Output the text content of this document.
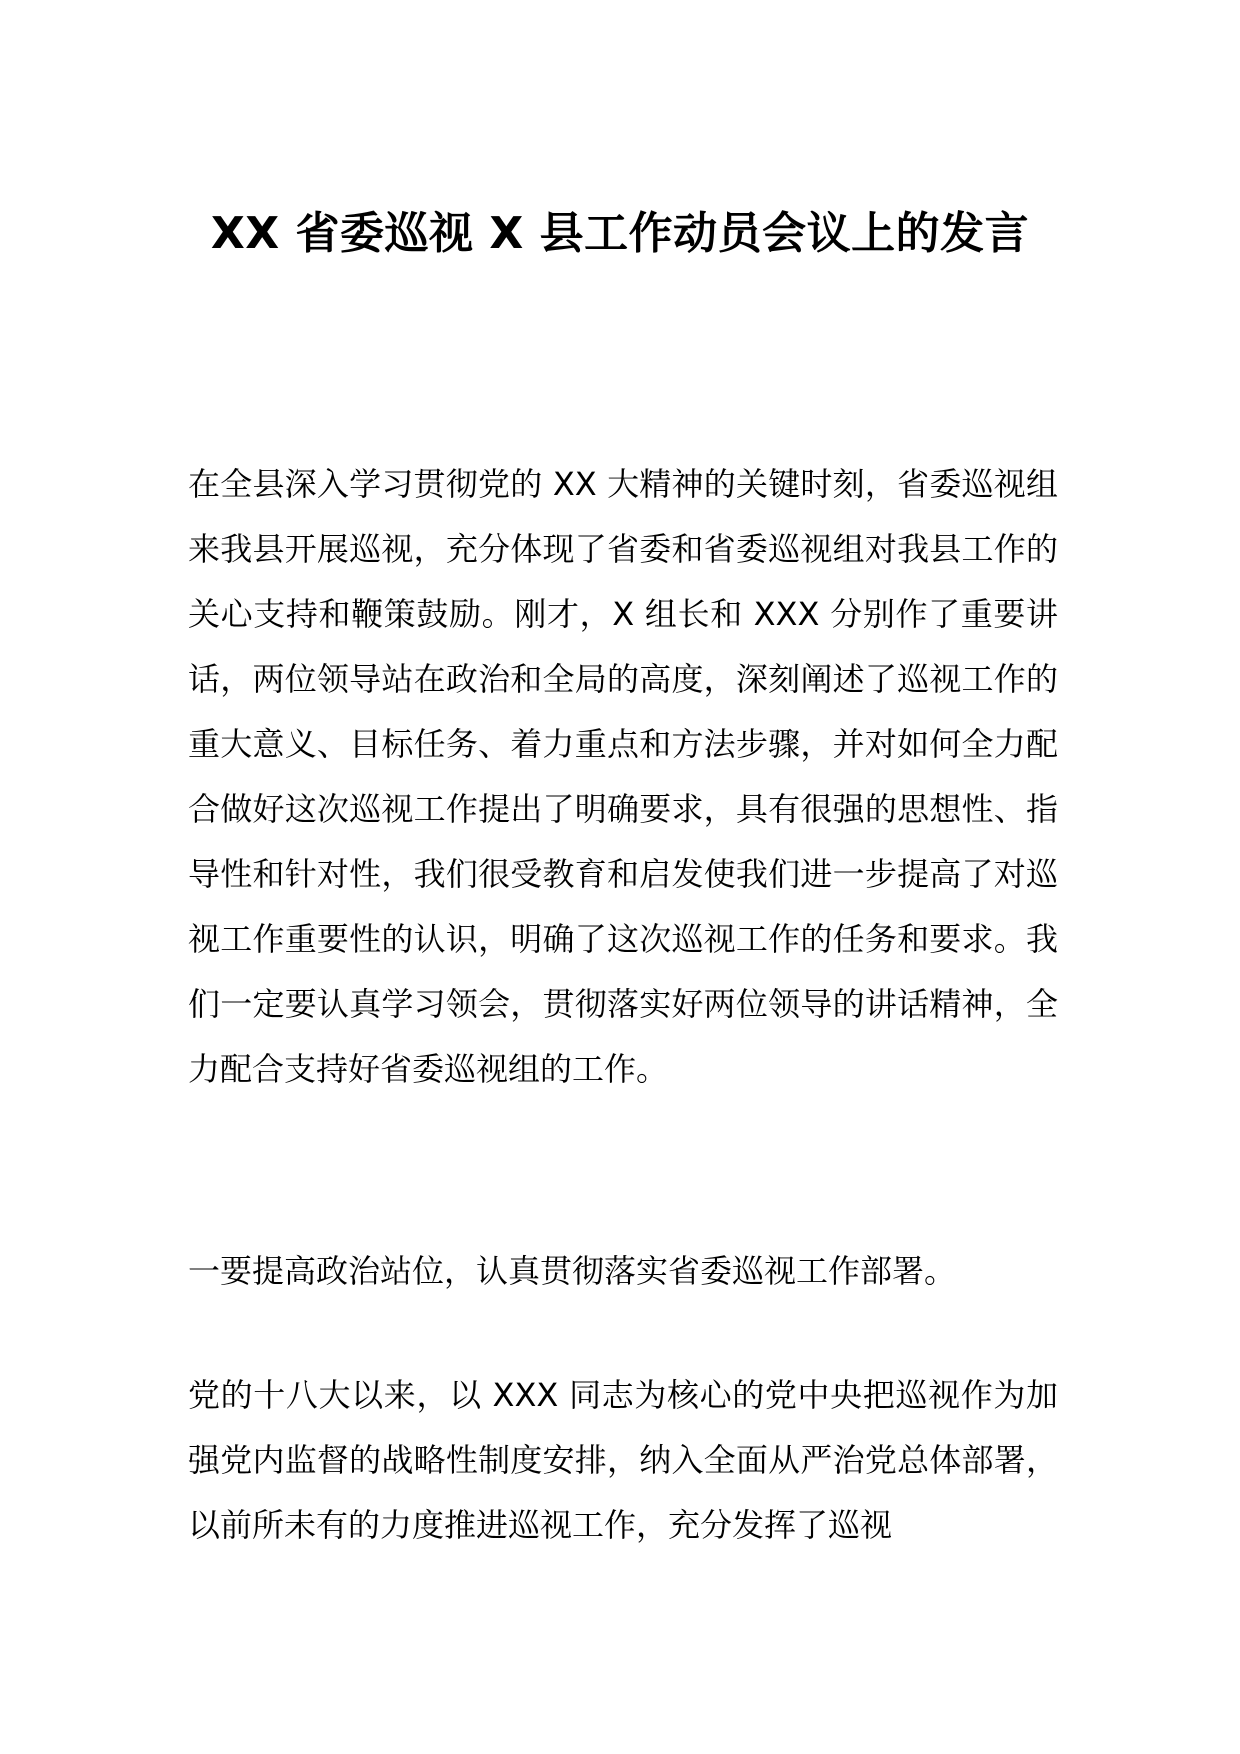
XX 省委巡视 X 县工作动员会议上的发言

在全县深入学习贯彻党的 XX 大精神的关键时刻，省委巡视组来我县开展巡视，充分体现了省委和省委巡视组对我县工作的关心支持和鞭策鼓励。刚才，X 组长和 XXX 分别作了重要讲话，两位领导站在政治和全局的高度，深刻阐述了巡视工作的重大意义、目标任务、着力重点和方法步骤，并对如何全力配合做好这次巡视工作提出了明确要求，具有很强的思想性、指导性和针对性，我们很受教育和启发使我们进一步提高了对巡视工作重要性的认识，明确了这次巡视工作的任务和要求。我们一定要认真学习领会，贯彻落实好两位领导的讲话精神，全力配合支持好省委巡视组的工作。

一要提高政治站位，认真贯彻落实省委巡视工作部署。

党的十八大以来，以 XXX 同志为核心的党中央把巡视作为加强党内监督的战略性制度安排，纳入全面从严治党总体部署，以前所未有的力度推进巡视工作，充分发挥了巡视
